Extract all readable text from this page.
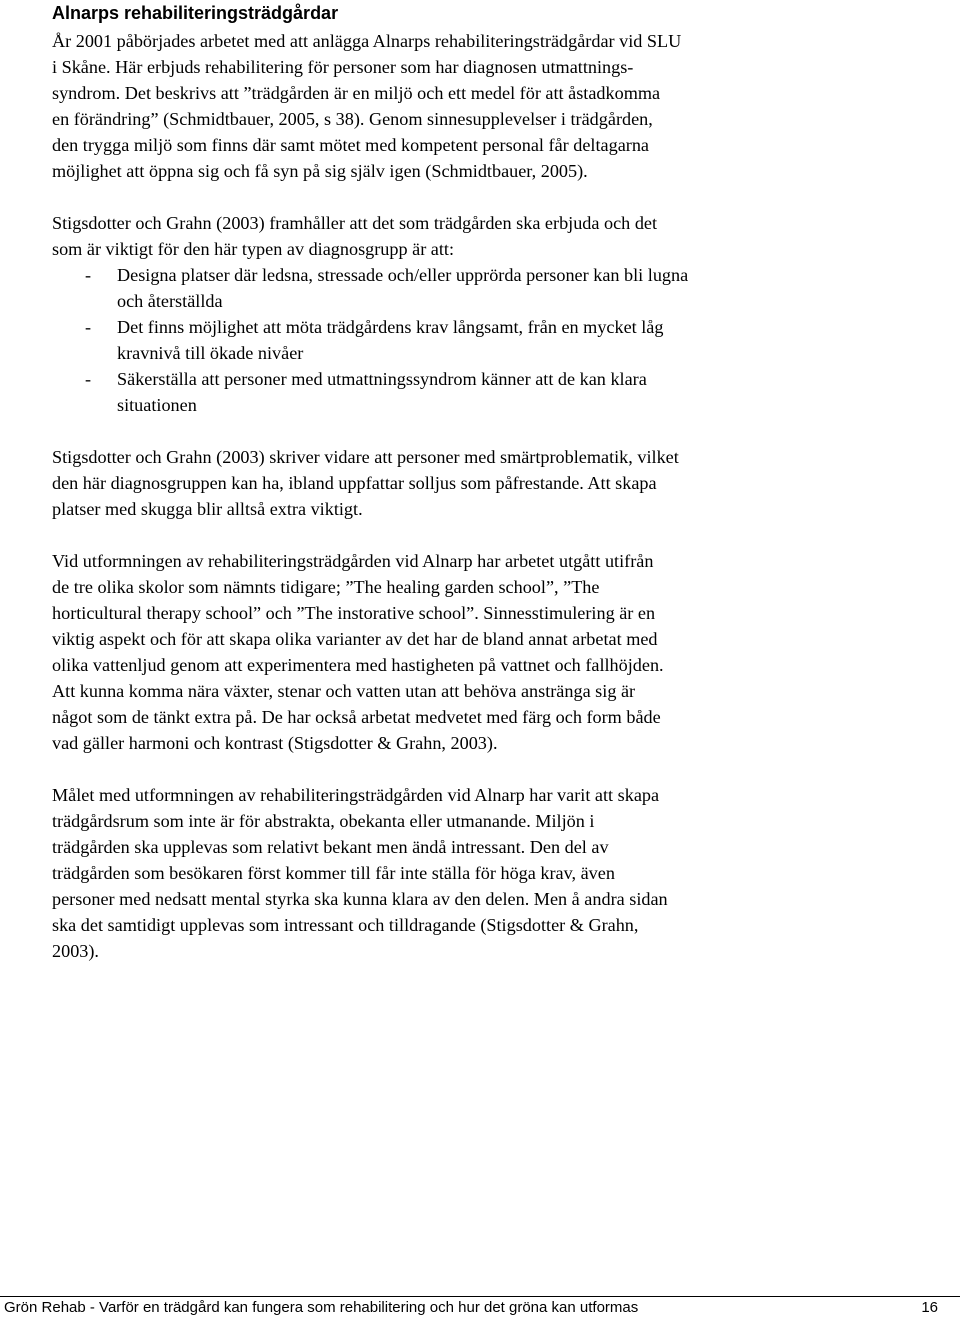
Alnarps rehabiliteringsträdgårdar

År 2001 påbörjades arbetet med att anlägga Alnarps rehabiliteringsträdgårdar vid SLU
i Skåne. Här erbjuds rehabilitering för personer som har diagnosen utmattnings-
syndrom. Det beskrivs att ”trädgården är en miljö och ett medel för att åstadkomma
en förändring” (Schmidtbauer, 2005, s 38). Genom sinnesupplevelser i trädgården,
den trygga miljö som finns där samt mötet med kompetent personal får deltagarna
möjlighet att öppna sig och få syn på sig själv igen (Schmidtbauer, 2005).

Stigsdotter och Grahn (2003) framhåller att det som trädgården ska erbjuda och det
som är viktigt för den här typen av diagnosgrupp är att:

- Designa platser där ledsna, stressade och/eller upprörda personer kan bli lugna
och återställda
- Det finns möjlighet att möta trädgårdens krav långsamt, från en mycket låg
kravnivå till ökade nivåer
- Säkerställa att personer med utmattningssyndrom känner att de kan klara
situationen

Stigsdotter och Grahn (2003) skriver vidare att personer med smärtproblematik, vilket
den här diagnosgruppen kan ha, ibland uppfattar solljus som påfrestande. Att skapa
platser med skugga blir alltså extra viktigt.

Vid utformningen av rehabiliteringsträdgården vid Alnarp har arbetet utgått utifrån
de tre olika skolor som nämnts tidigare; ”The healing garden school”, ”The
horticultural therapy school” och ”The instorative school”. Sinnesstimulering är en
viktig aspekt och för att skapa olika varianter av det har de bland annat arbetat med
olika vattenljud genom att experimentera med hastigheten på vattnet och fallhöjden.
Att kunna komma nära växter, stenar och vatten utan att behöva anstränga sig är
något som de tänkt extra på. De har också arbetat medvetet med färg och form både
vad gäller harmoni och kontrast (Stigsdotter & Grahn, 2003).

Målet med utformningen av rehabiliteringsträdgården vid Alnarp har varit att skapa
trädgårdsrum som inte är för abstrakta, obekanta eller utmanande. Miljön i
trädgården ska upplevas som relativt bekant men ändå intressant. Den del av
trädgården som besökaren först kommer till får inte ställa för höga krav, även
personer med nedsatt mental styrka ska kunna klara av den delen. Men å andra sidan
ska det samtidigt upplevas som intressant och tilldragande (Stigsdotter & Grahn,
2003).

Grön Rehab - Varför en trädgård kan fungera som rehabilitering och hur det gröna kan utformas	16
